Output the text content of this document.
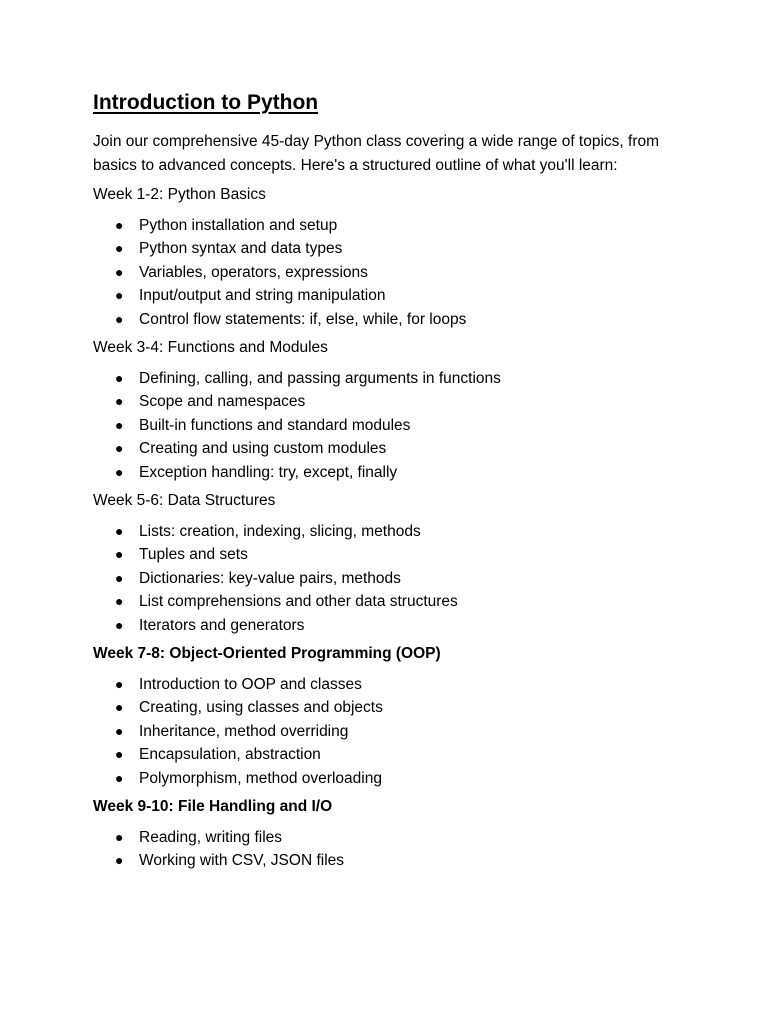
Introduction to Python

Join our comprehensive 45-day Python class covering a wide range of topics, from basics to advanced concepts. Here's a structured outline of what you'll learn:

Week 1-2: Python Basics

● Python installation and setup
● Python syntax and data types
● Variables, operators, expressions
● Input/output and string manipulation
● Control flow statements: if, else, while, for loops

Week 3-4: Functions and Modules

● Defining, calling, and passing arguments in functions
● Scope and namespaces
● Built-in functions and standard modules
● Creating and using custom modules
● Exception handling: try, except, finally

Week 5-6: Data Structures

● Lists: creation, indexing, slicing, methods
● Tuples and sets
● Dictionaries: key-value pairs, methods
● List comprehensions and other data structures
● Iterators and generators

Week 7-8: Object-Oriented Programming (OOP)

● Introduction to OOP and classes
● Creating, using classes and objects
● Inheritance, method overriding
● Encapsulation, abstraction
● Polymorphism, method overloading

Week 9-10: File Handling and I/O

● Reading, writing files
● Working with CSV, JSON files
